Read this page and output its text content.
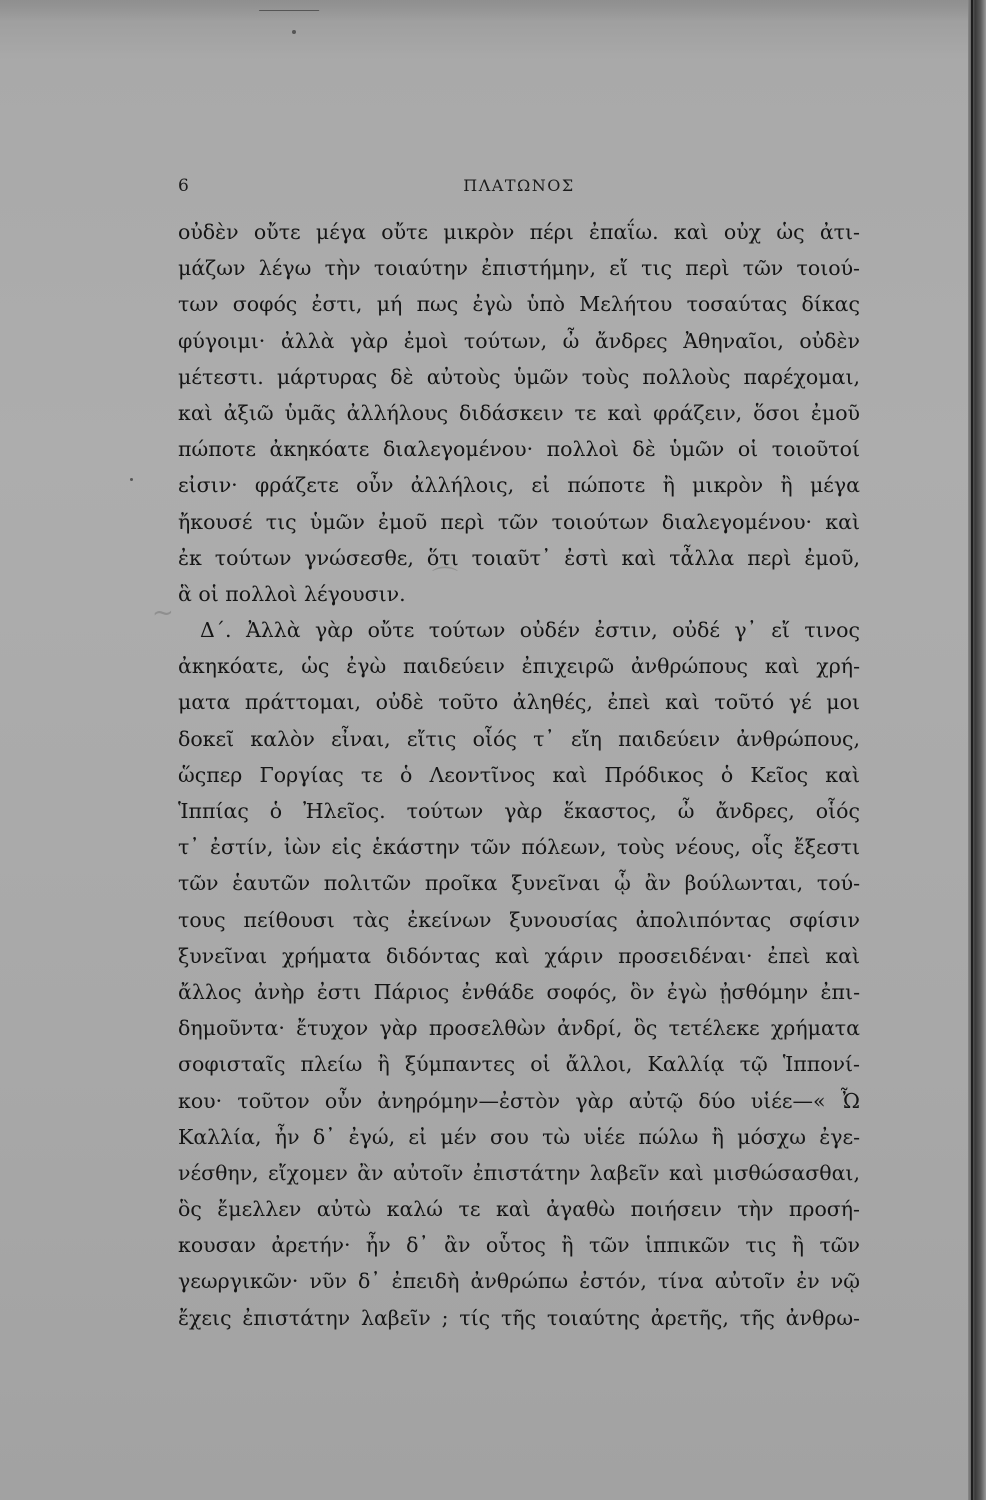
⌒
~
6	ΠΛΑΤΩΝΟΣ
οὐδὲν οὔτε μέγα οὔτε μικρὸν πέρι ἐπαΐω. καὶ οὐχ ὡς ἀτι-
μάζων λέγω τὴν τοιαύτην ἐπιστήμην, εἴ τις περὶ τῶν τοιού-
των σοφός ἐστι, μή πως ἐγὼ ὑπὸ Μελήτου τοσαύτας δίκας
φύγοιμι· ἀλλὰ γὰρ ἐμοὶ τούτων, ὦ ἄνδρες Ἀθηναῖοι, οὐδὲν
μέτεστι. μάρτυρας δὲ αὐτοὺς ὑμῶν τοὺς πολλοὺς παρέχομαι,
καὶ ἀξιῶ ὑμᾶς ἀλλήλους διδάσκειν τε καὶ φράζειν, ὅσοι ἐμοῦ
πώποτε ἀκηκόατε διαλεγομένου· πολλοὶ δὲ ὑμῶν οἱ τοιοῦτοί
εἰσιν· φράζετε οὖν ἀλλήλοις, εἰ πώποτε ἢ μικρὸν ἢ μέγα
ἤκουσέ τις ὑμῶν ἐμοῦ περὶ τῶν τοιούτων διαλεγομένου· καὶ
ἐκ τούτων γνώσεσθε, ὅτι τοιαῦτ᾽ ἐστὶ καὶ τἆλλα περὶ ἐμοῦ,
ἃ οἱ πολλοὶ λέγουσιν.
Δ΄. Ἀλλὰ γὰρ οὔτε τούτων οὐδέν ἐστιν, οὐδέ γ᾽ εἴ τινος
ἀκηκόατε, ὡς ἐγὼ παιδεύειν ἐπιχειρῶ ἀνθρώπους καὶ χρή-
ματα πράττομαι, οὐδὲ τοῦτο ἀληθές, ἐπεὶ καὶ τοῦτό γέ μοι
δοκεῖ καλὸν εἶναι, εἴτις οἷός τ᾽ εἴη παιδεύειν ἀνθρώπους,
ὥςπερ Γοργίας τε ὁ Λεοντῖνος καὶ Πρόδικος ὁ Κεῖος καὶ
Ἱππίας ὁ Ἠλεῖος. τούτων γὰρ ἕκαστος, ὦ ἄνδρες, οἷός
τ᾽ ἐστίν, ἰὼν εἰς ἑκάστην τῶν πόλεων, τοὺς νέους, οἷς ἔξεστι
τῶν ἑαυτῶν πολιτῶν προῖκα ξυνεῖναι ᾧ ἂν βούλωνται, τού-
τους πείθουσι τὰς ἐκείνων ξυνουσίας ἀπολιπόντας σφίσιν
ξυνεῖναι χρήματα διδόντας καὶ χάριν προσειδέναι· ἐπεὶ καὶ
ἄλλος ἀνὴρ ἐστι Πάριος ἐνθάδε σοφός, ὃν ἐγὼ ᾐσθόμην ἐπι-
δημοῦντα· ἔτυχον γὰρ προσελθὼν ἀνδρί, ὃς τετέλεκε χρήματα
σοφισταῖς πλείω ἢ ξύμπαντες οἱ ἄλλοι, Καλλίᾳ τῷ Ἱππονί-
κου· τοῦτον οὖν ἀνηρόμην—ἐστὸν γὰρ αὐτῷ δύο υἱέε—« Ὦ
Καλλία, ἦν δ᾽ ἐγώ, εἰ μέν σου τὼ υἱέε πώλω ἢ μόσχω ἐγε-
νέσθην, εἴχομεν ἂν αὐτοῖν ἐπιστάτην λαβεῖν καὶ μισθώσασθαι,
ὃς ἔμελλεν αὐτὼ καλώ τε καὶ ἀγαθὼ ποιήσειν τὴν προσή-
κουσαν ἀρετήν· ἦν δ᾽ ἂν οὗτος ἢ τῶν ἱππικῶν τις ἢ τῶν
γεωργικῶν· νῦν δ᾽ ἐπειδὴ ἀνθρώπω ἐστόν, τίνα αὐτοῖν ἐν νῷ
ἔχεις ἐπιστάτην λαβεῖν ; τίς τῆς τοιαύτης ἀρετῆς, τῆς ἀνθρω-
